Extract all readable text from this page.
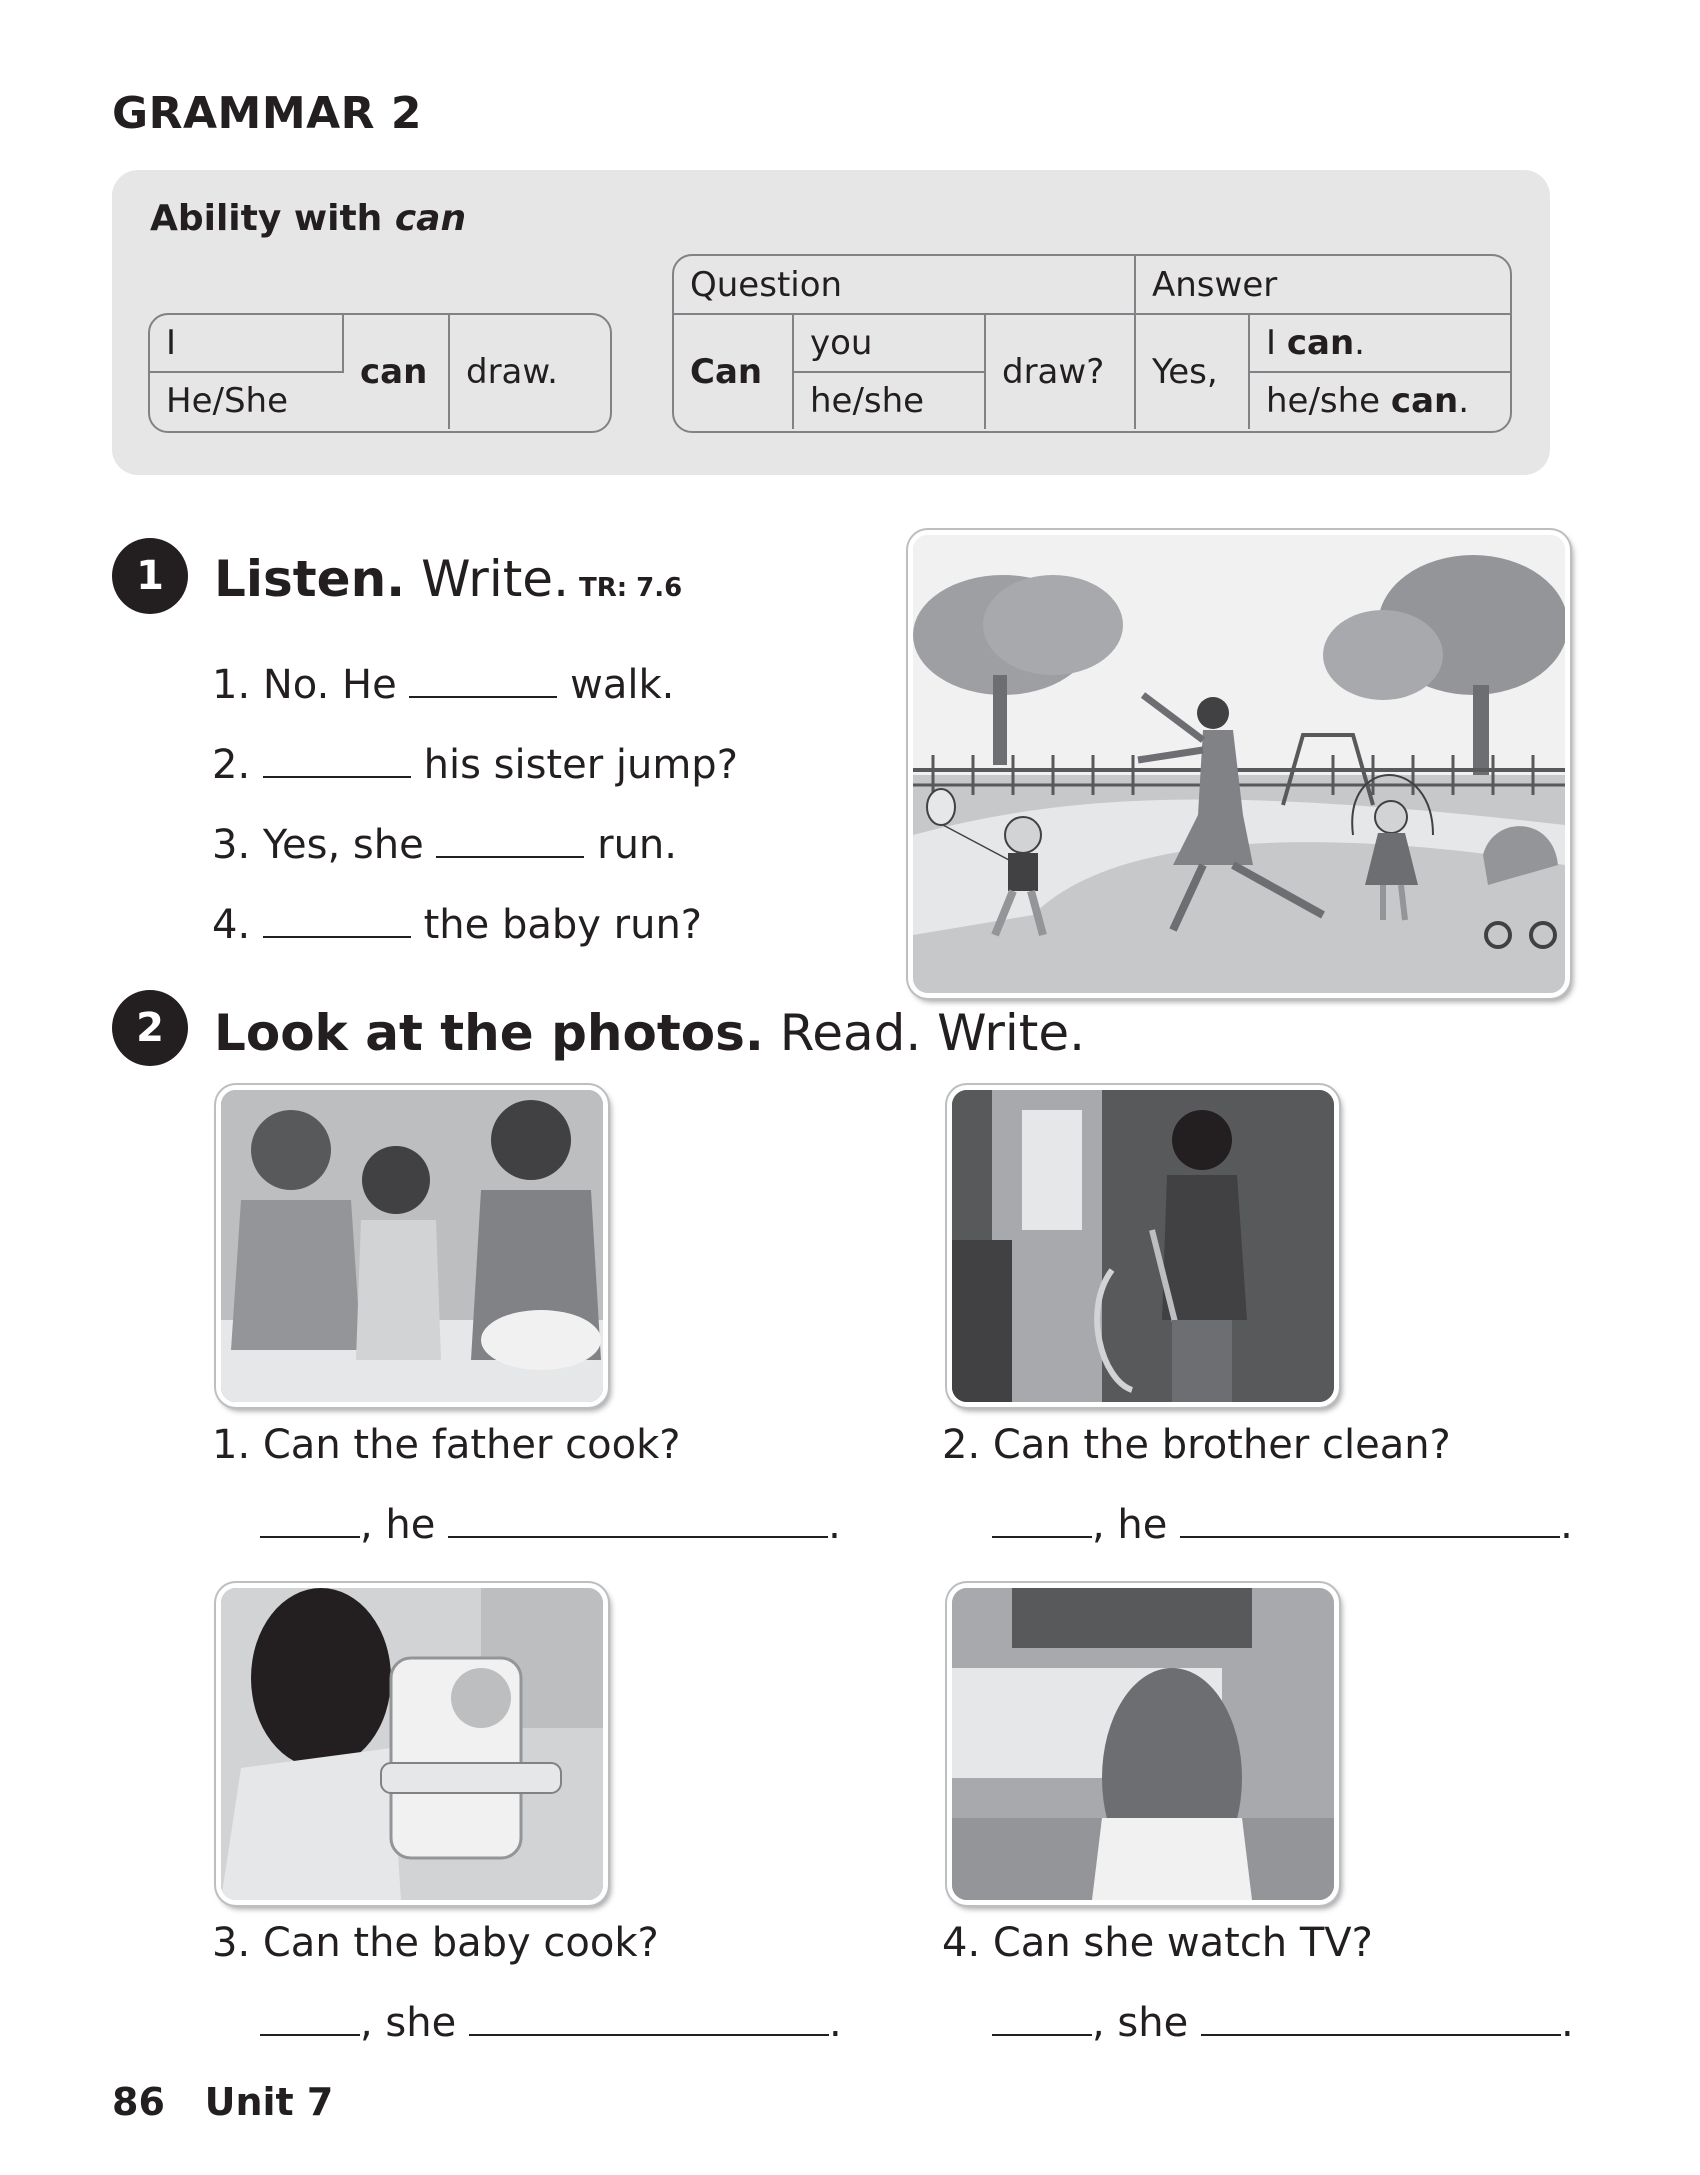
GRAMMAR 2
Ability with can
I	can	draw.
He/She
Question			Answer	
Can	you	draw?	Yes,	I can.
	he/she			he/she can.
1	Listen. Write. TR: 7.6
1. No. He	walk.
2.	his sister jump?
3. Yes, she	run.
4.	the baby run?
2	Look at the photos. Read. Write.
1. Can the father cook?	2. Can the brother clean?
, he	.	, he	.
3. Can the baby cook?	4. Can she watch TV?
, she	.	, she	.
86 Unit 7
